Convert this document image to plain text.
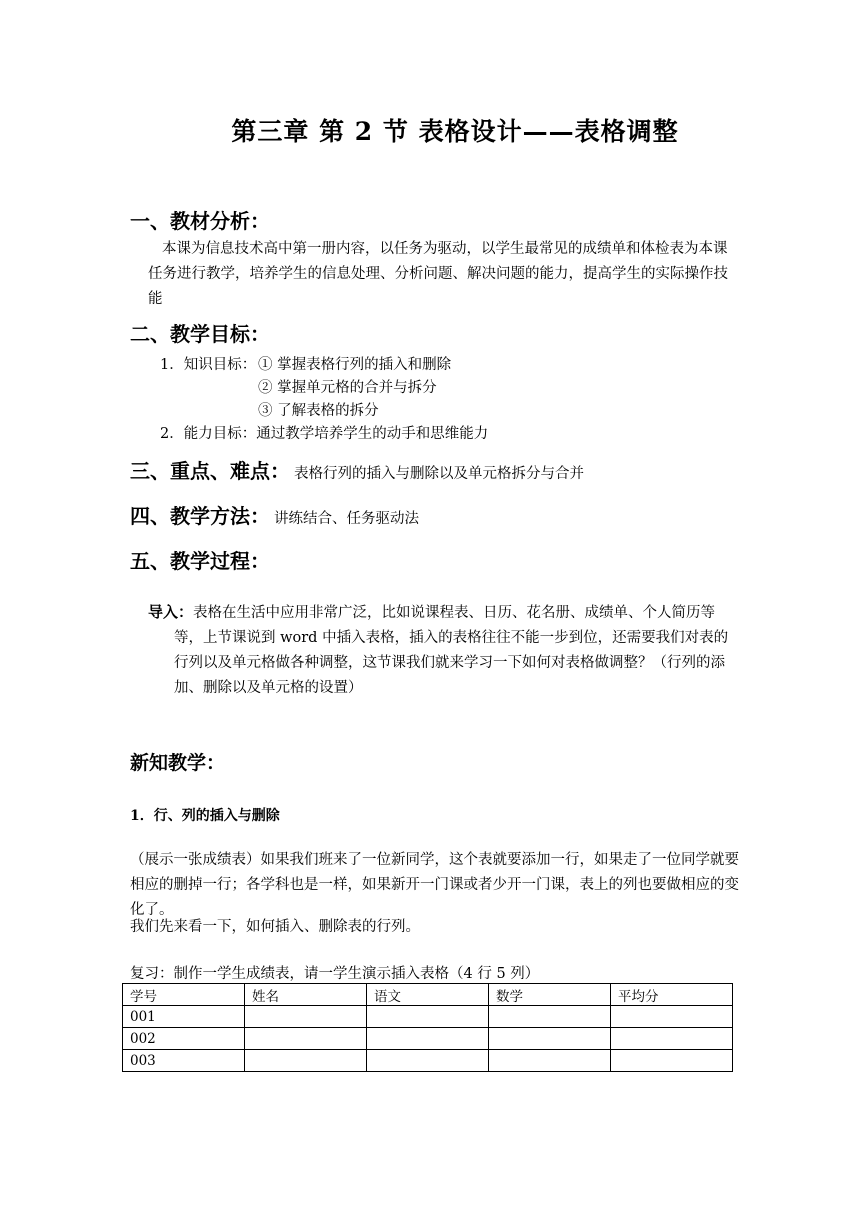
第三章 第 2 节 表格设计——表格调整
一、教材分析：
本课为信息技术高中第一册内容，以任务为驱动，以学生最常见的成绩单和体检表为本课任务进行教学，培养学生的信息处理、分析问题、解决问题的能力，提高学生的实际操作技能
二、教学目标：
1．知识目标： ① 掌握表格行列的插入和删除
② 掌握单元格的合并与拆分
③ 了解表格的拆分
2．能力目标：通过教学培养学生的动手和思维能力
三、重点、难点： 表格行列的插入与删除以及单元格拆分与合并
四、教学方法： 讲练结合、任务驱动法
五、教学过程：
导入：表格在生活中应用非常广泛，比如说课程表、日历、花名册、成绩单、个人简历等等，上节课说到 word 中插入表格，插入的表格往往不能一步到位，还需要我们对表的行列以及单元格做各种调整，这节课我们就来学习一下如何对表格做调整？（行列的添加、删除以及单元格的设置）
新知教学：
1．行、列的插入与删除
（展示一张成绩表）如果我们班来了一位新同学，这个表就要添加一行，如果走了一位同学就要相应的删掉一行；各学科也是一样，如果新开一门课或者少开一门课，表上的列也要做相应的变化了。
我们先来看一下，如何插入、删除表的行列。
复习：制作一学生成绩表，请一学生演示插入表格（4 行 5 列）
学号	姓名	语文	数学	平均分
001				
002				
003				
